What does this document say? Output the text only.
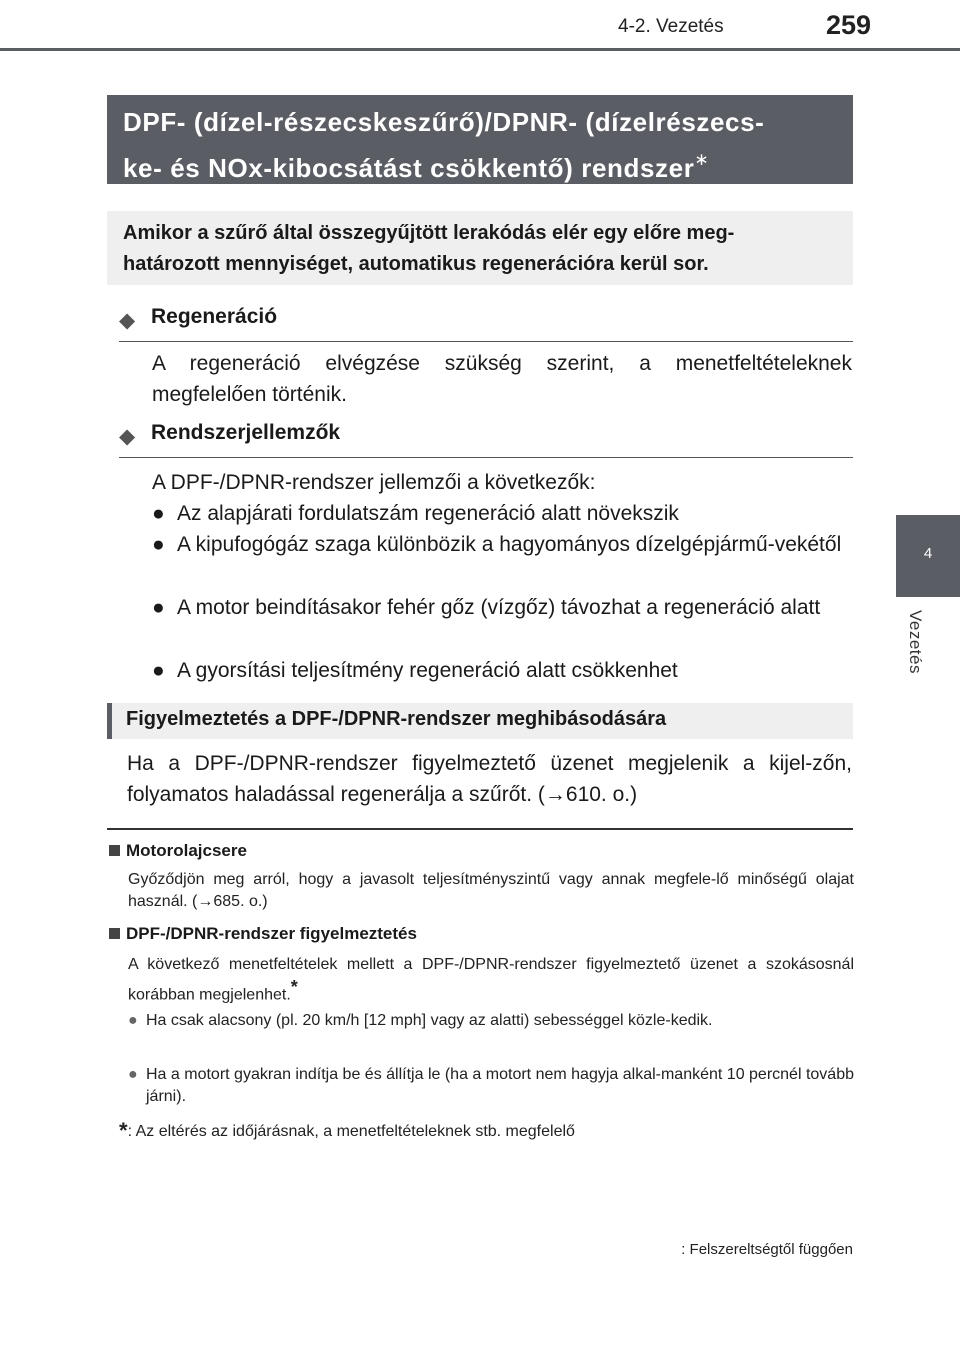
4-2. Vezetés	259
4
Vezetés
DPF- (dízel-részecskeszűrő)/DPNR- (dízelrészecs-
ke- és NOx-kibocsátást csökkentő) rendszer∗
Amikor a szűrő által összegyűjtött lerakódás elér egy előre meg-
határozott mennyiséget, automatikus regenerációra kerül sor.
◆ Regeneráció
A regeneráció elvégzése szükség szerint, a menetfeltételeknek megfelelően történik.
◆ Rendszerjellemzők
A DPF-/DPNR-rendszer jellemzői a következők:
● Az alapjárati fordulatszám regeneráció alatt növekszik
● A kipufogógáz szaga különbözik a hagyományos dízelgépjármű-vekétől
● A motor beindításakor fehér gőz (vízgőz) távozhat a regeneráció alatt
● A gyorsítási teljesítmény regeneráció alatt csökkenhet
Figyelmeztetés a DPF-/DPNR-rendszer meghibásodására
Ha a DPF-/DPNR-rendszer figyelmeztető üzenet megjelenik a kijel-zőn, folyamatos haladással regenerálja a szűrőt. (→610. o.)
Motorolajcsere
Győződjön meg arról, hogy a javasolt teljesítményszintű vagy annak megfele-lő minőségű olajat használ. (→685. o.)
DPF-/DPNR-rendszer figyelmeztetés
A következő menetfeltételek mellett a DPF-/DPNR-rendszer figyelmeztető üzenet a szokásosnál korábban megjelenhet.*
● Ha csak alacsony (pl. 20 km/h [12 mph] vagy az alatti) sebességgel közle-kedik.
● Ha a motort gyakran indítja be és állítja le (ha a motort nem hagyja alkal-manként 10 percnél tovább járni).
*: Az eltérés az időjárásnak, a menetfeltételeknek stb. megfelelő
: Felszereltségtől függően
